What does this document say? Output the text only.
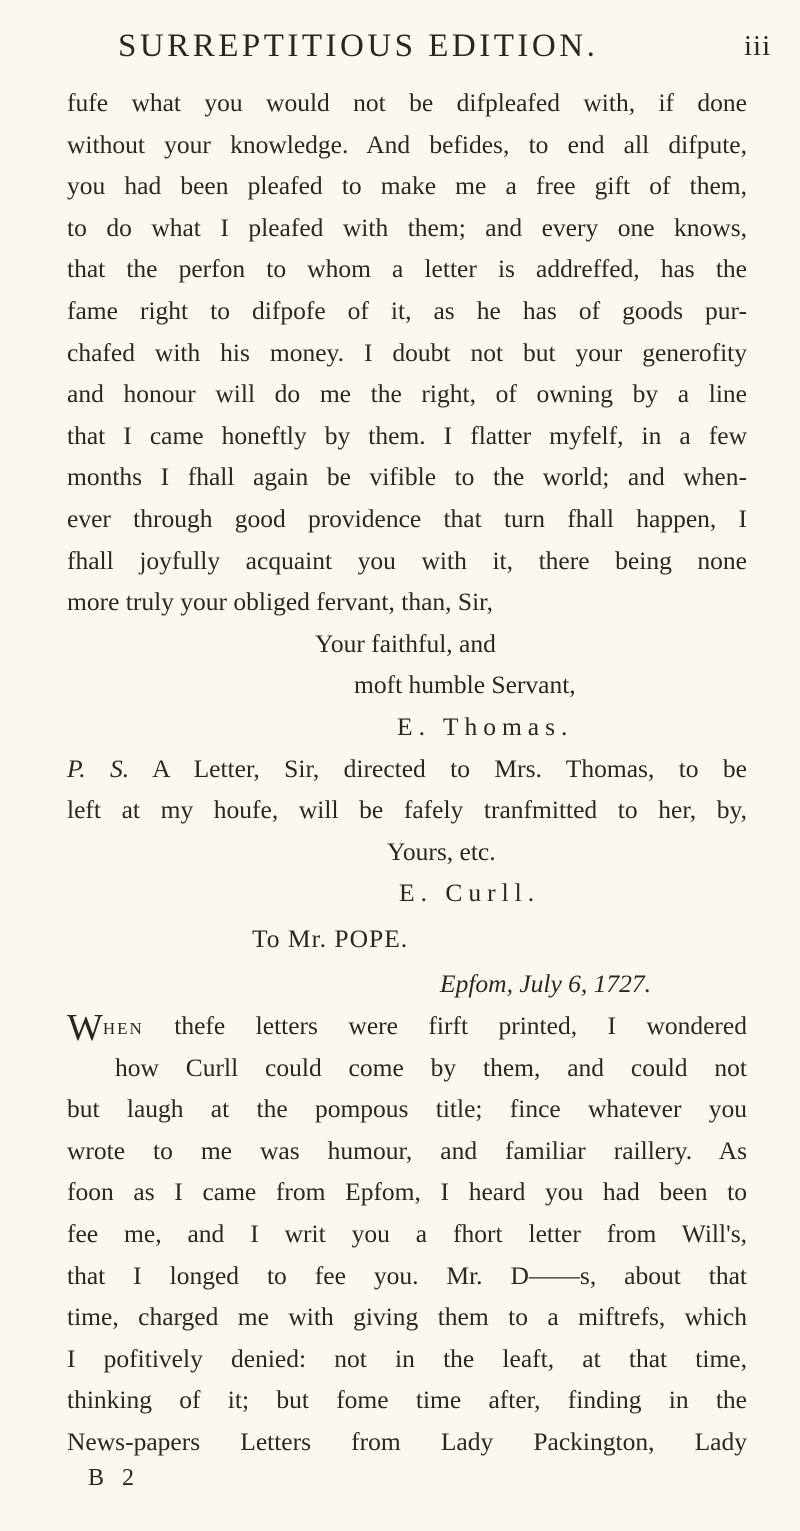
SURREPTITIOUS EDITION.	iii
fufe what you would not be difpleafed with, if done
without your knowledge. And befides, to end all difpute,
you had been pleafed to make me a free gift of them,
to do what I pleafed with them; and every one knows,
that the perfon to whom a letter is addreffed, has the
fame right to difpofe of it, as he has of goods pur-
chafed with his money. I doubt not but your generofity
and honour will do me the right, of owning by a line
that I came honeftly by them. I flatter myfelf, in a few
months I fhall again be vifible to the world; and when-
ever through good providence that turn fhall happen, I
fhall joyfully acquaint you with it, there being none
more truly your obliged fervant, than, Sir,
Your faithful, and
moft humble Servant,
E. Thomas.
P. S. A Letter, Sir, directed to Mrs. Thomas, to be
left at my houfe, will be fafely tranfmitted to her, by,
Yours, etc.
E. Curll.
To Mr. POPE.
Epfom, July 6, 1727.
WHEN thefe letters were firft printed, I wondered
how Curll could come by them, and could not
but laugh at the pompous title; fince whatever you
wrote to me was humour, and familiar raillery. As
foon as I came from Epfom, I heard you had been to
fee me, and I writ you a fhort letter from Will's,
that I longed to fee you. Mr. D——s, about that
time, charged me with giving them to a miftrefs, which
I pofitively denied: not in the leaft, at that time,
thinking of it; but fome time after, finding in the
News-papers Letters from Lady Packington, Lady
B 2
